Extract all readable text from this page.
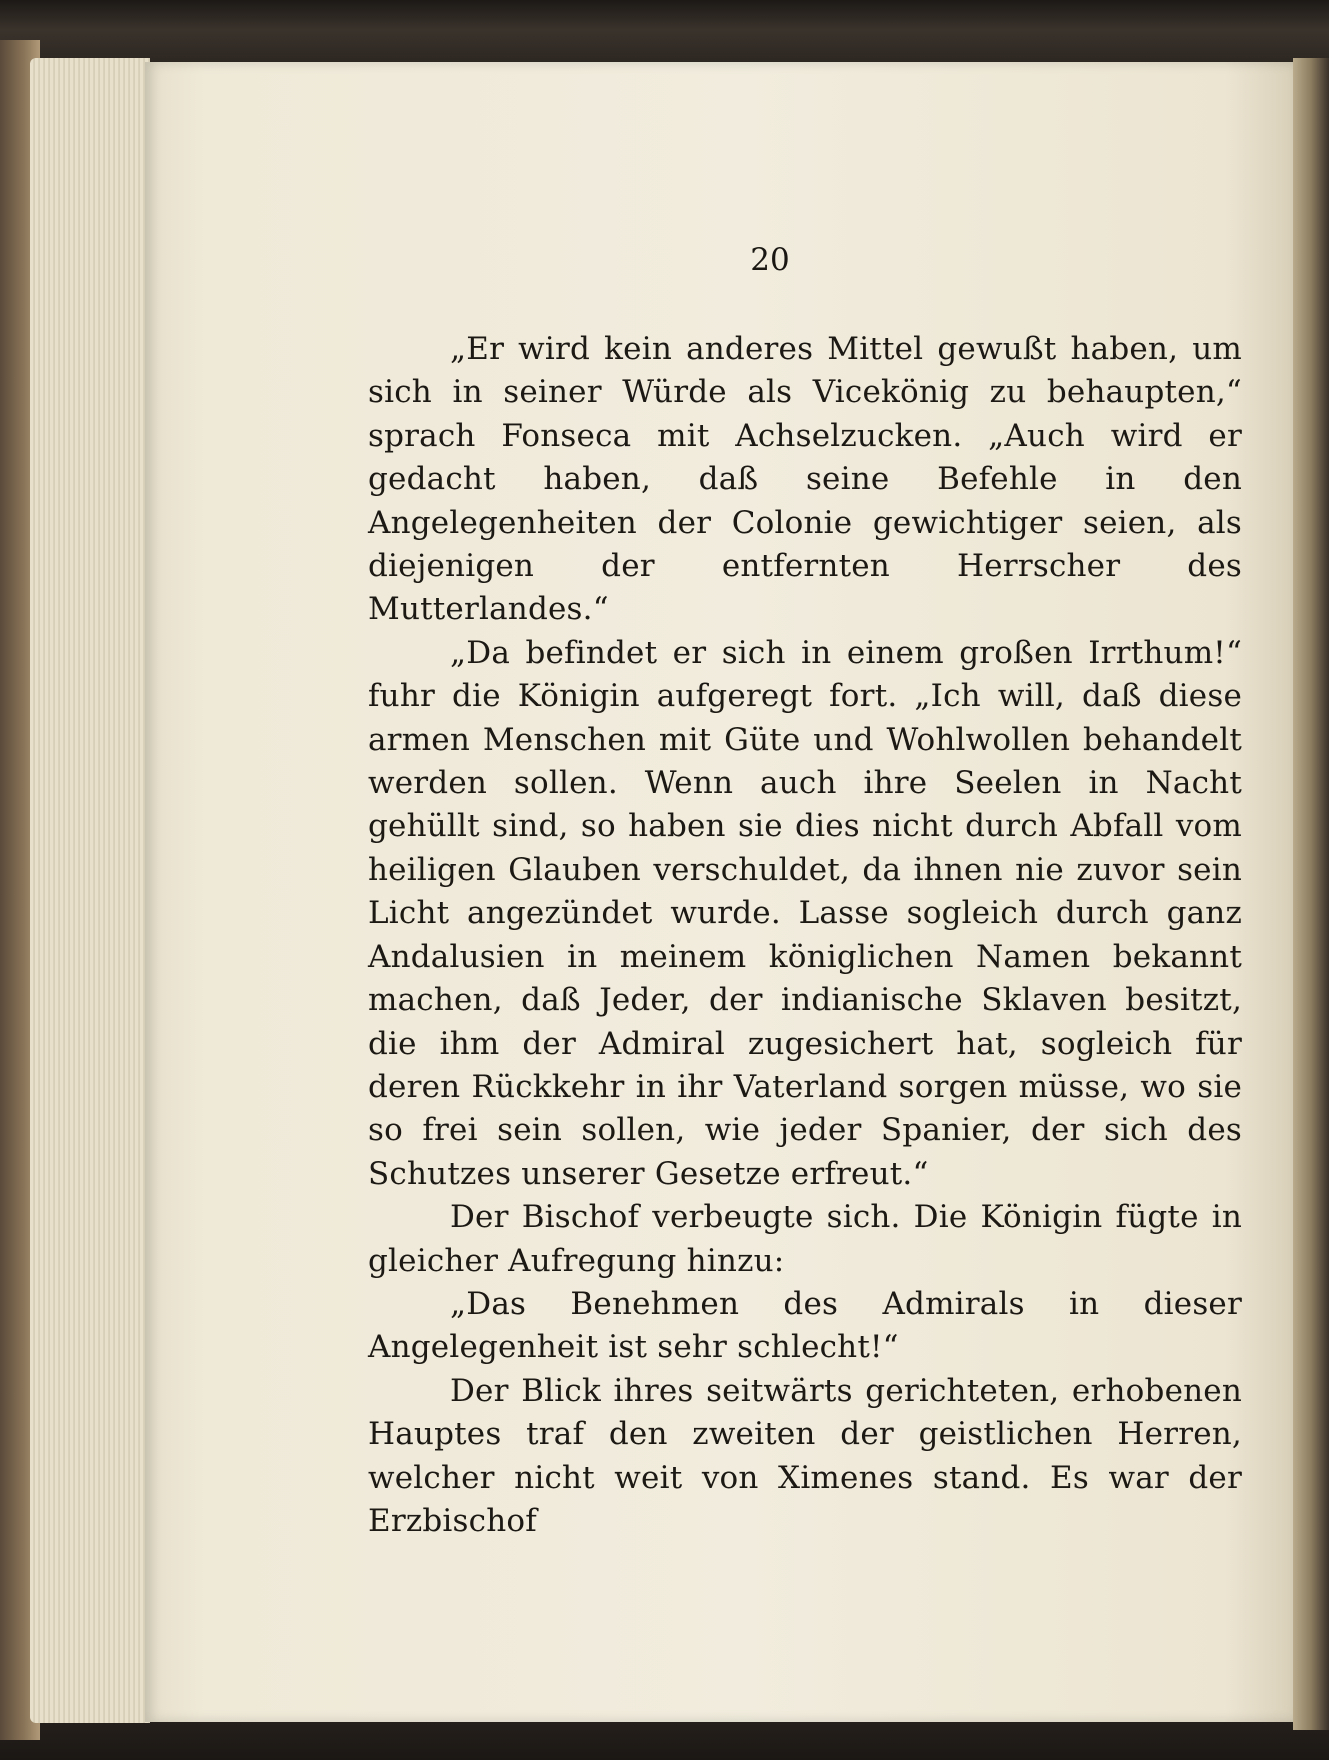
20

„Er wird kein anderes Mittel gewußt haben, um sich in seiner Würde als Vicekönig zu behaupten,“ sprach Fonseca mit Achselzucken. „Auch wird er gedacht haben, daß seine Befehle in den Angelegenheiten der Colonie gewichtiger seien, als diejenigen der entfernten Herrscher des Mutterlandes.“

„Da befindet er sich in einem großen Irrthum!“ fuhr die Königin aufgeregt fort. „Ich will, daß diese armen Menschen mit Güte und Wohlwollen behandelt werden sollen. Wenn auch ihre Seelen in Nacht gehüllt sind, so haben sie dies nicht durch Abfall vom heiligen Glauben verschuldet, da ihnen nie zuvor sein Licht angezündet wurde. Lasse sogleich durch ganz Andalusien in meinem königlichen Namen bekannt machen, daß Jeder, der indianische Sklaven besitzt, die ihm der Admiral zugesichert hat, sogleich für deren Rückkehr in ihr Vaterland sorgen müsse, wo sie so frei sein sollen, wie jeder Spanier, der sich des Schutzes unserer Gesetze erfreut.“

Der Bischof verbeugte sich. Die Königin fügte in gleicher Aufregung hinzu:

„Das Benehmen des Admirals in dieser Angelegenheit ist sehr schlecht!“

Der Blick ihres seitwärts gerichteten, erhobenen Hauptes traf den zweiten der geistlichen Herren, welcher nicht weit von Ximenes stand. Es war der Erzbischof
